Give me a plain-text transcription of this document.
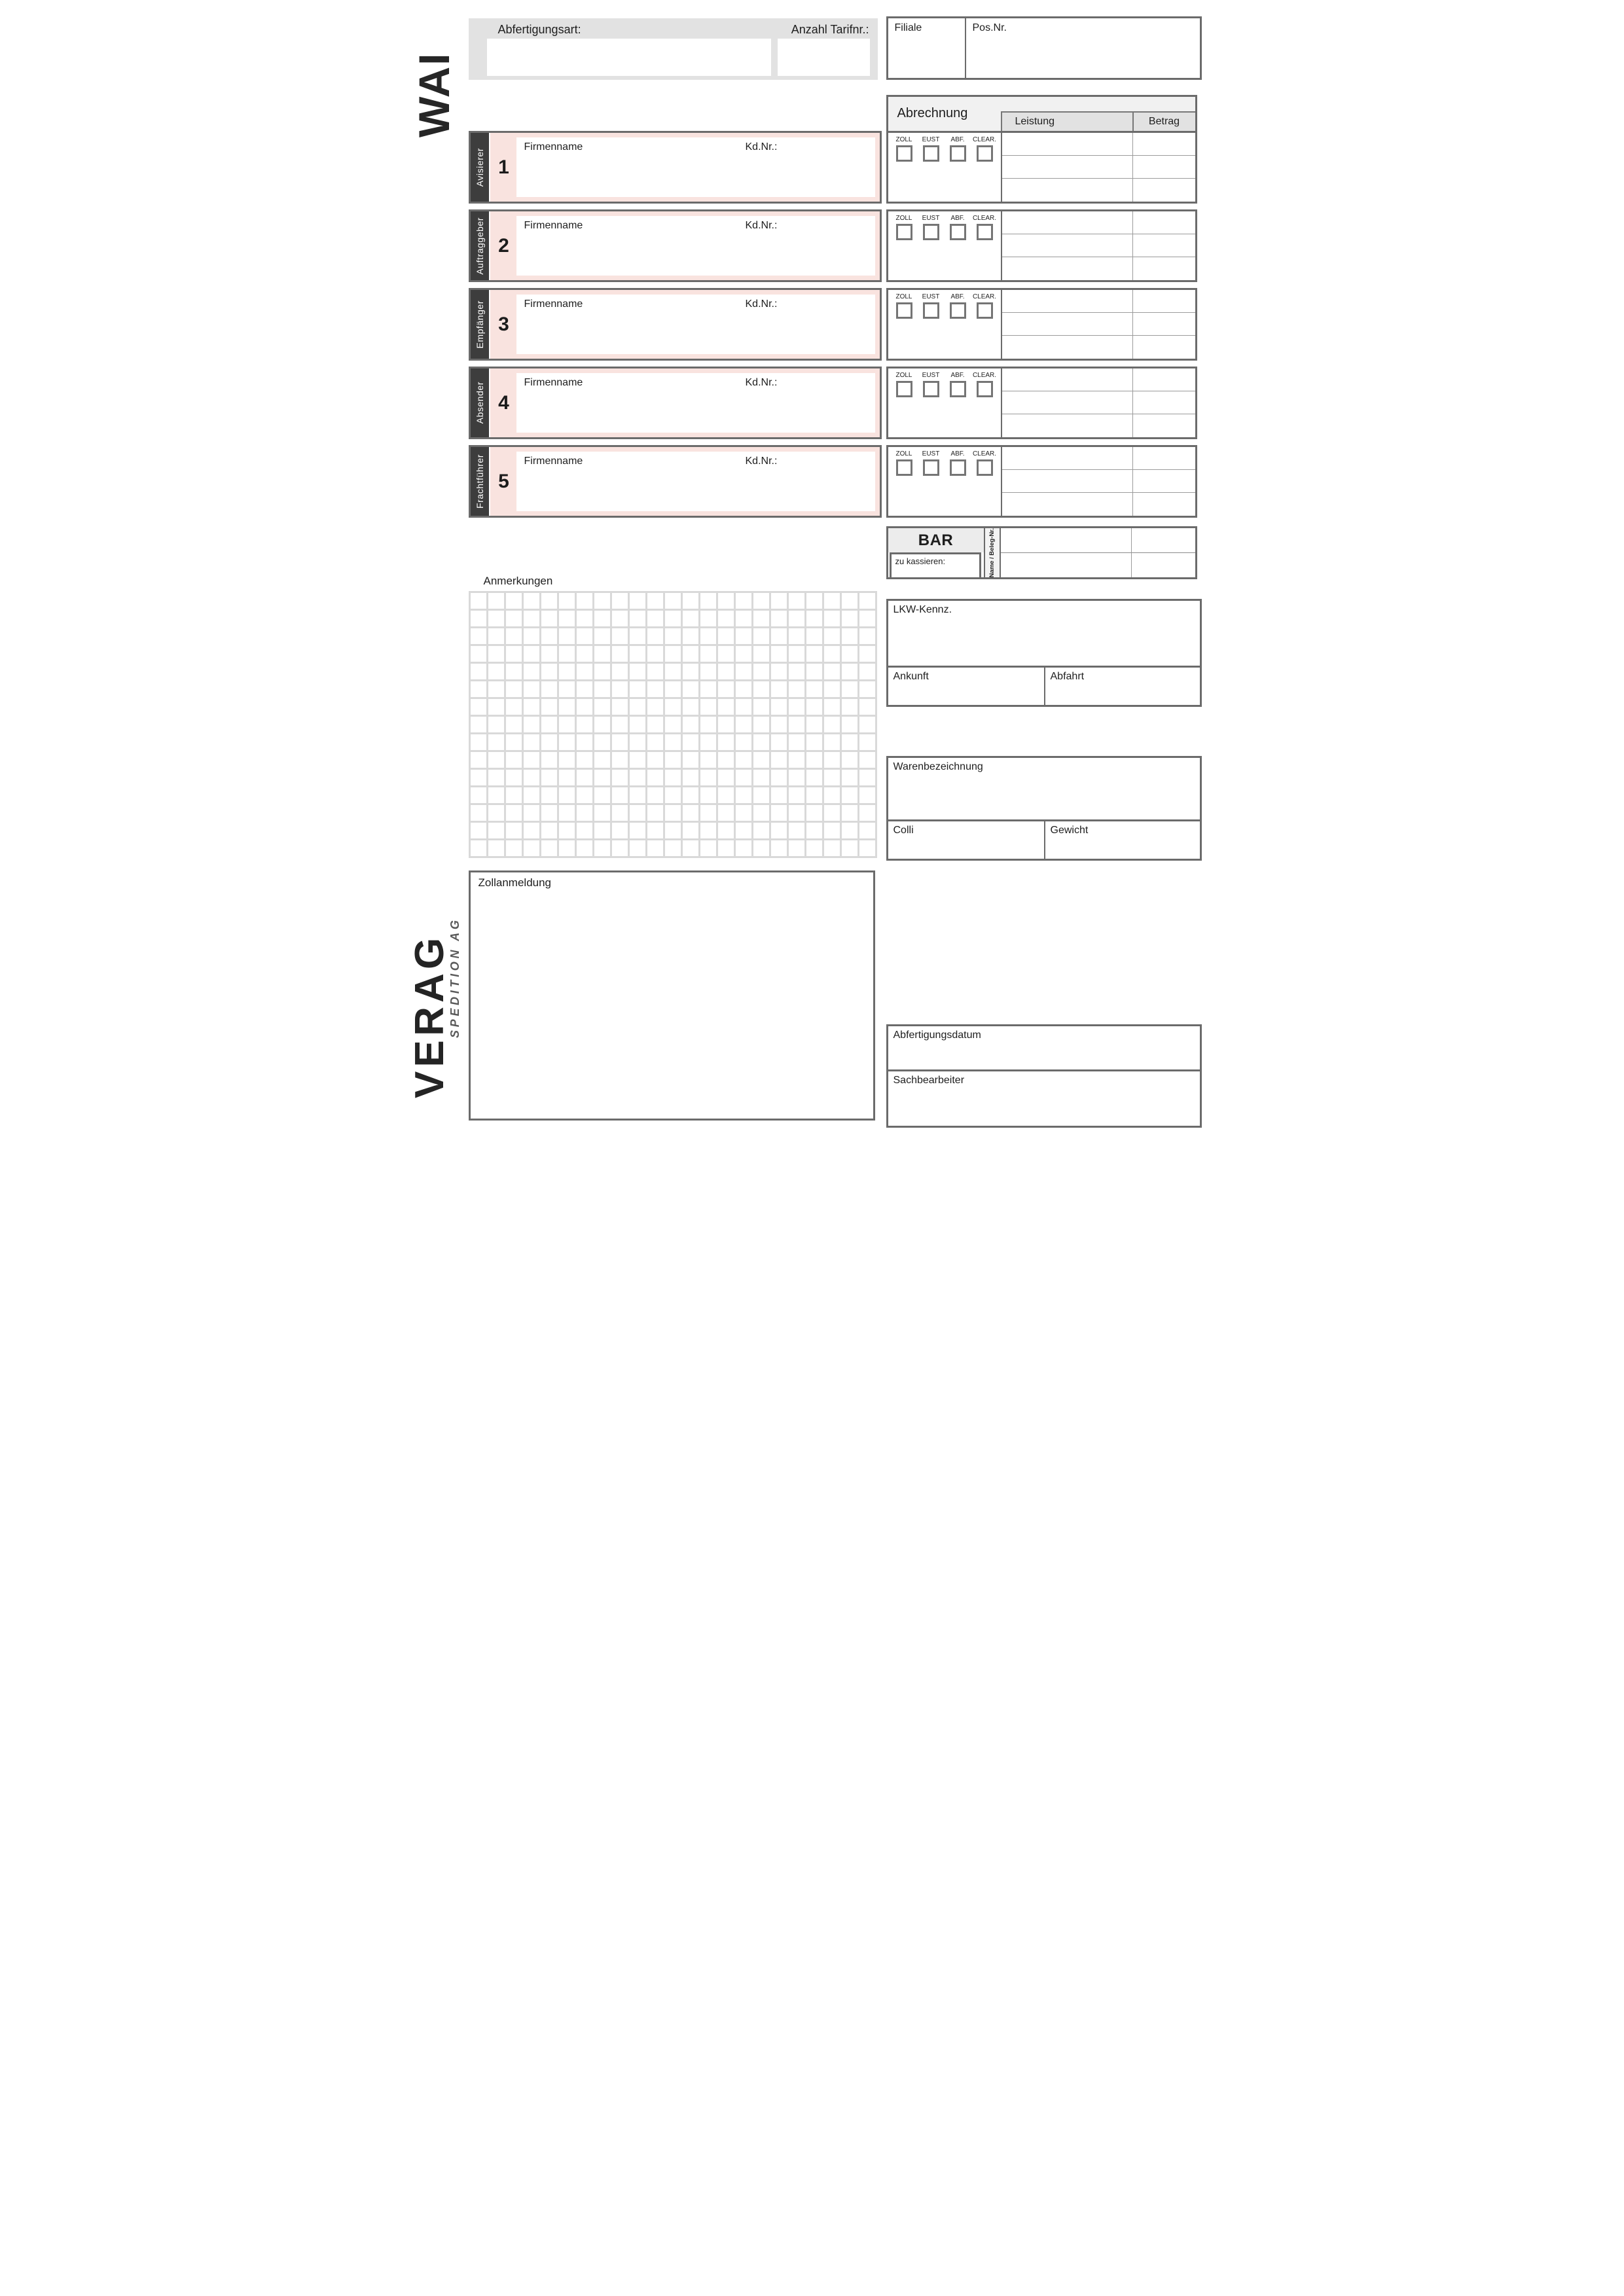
WAI
Abfertigungsart:	Anzahl Tarifnr.:	Filiale	Pos.Nr.
Abrechnung
Leistung	Betrag
Avisierer 1
Firmenname	Kd.Nr.:
Auftraggeber 2
Firmenname	Kd.Nr.:
Empfänger 3
Firmenname	Kd.Nr.:
Absender 4
Firmenname	Kd.Nr.:
Frachtführer 5
Firmenname	Kd.Nr.:
ZOLL EUST ABF. CLEAR.
ZOLL EUST ABF. CLEAR.
ZOLL EUST ABF. CLEAR.
ZOLL EUST ABF. CLEAR.
ZOLL EUST ABF. CLEAR.
BAR
zu kassieren:	Name / Beleg-Nr.
Anmerkungen
LKW-Kennz.
Ankunft	Abfahrt
Warenbezeichnung
Colli	Gewicht
Zollanmeldung
Abfertigungsdatum
Sachbearbeiter
VERAG
SPEDITION AG
